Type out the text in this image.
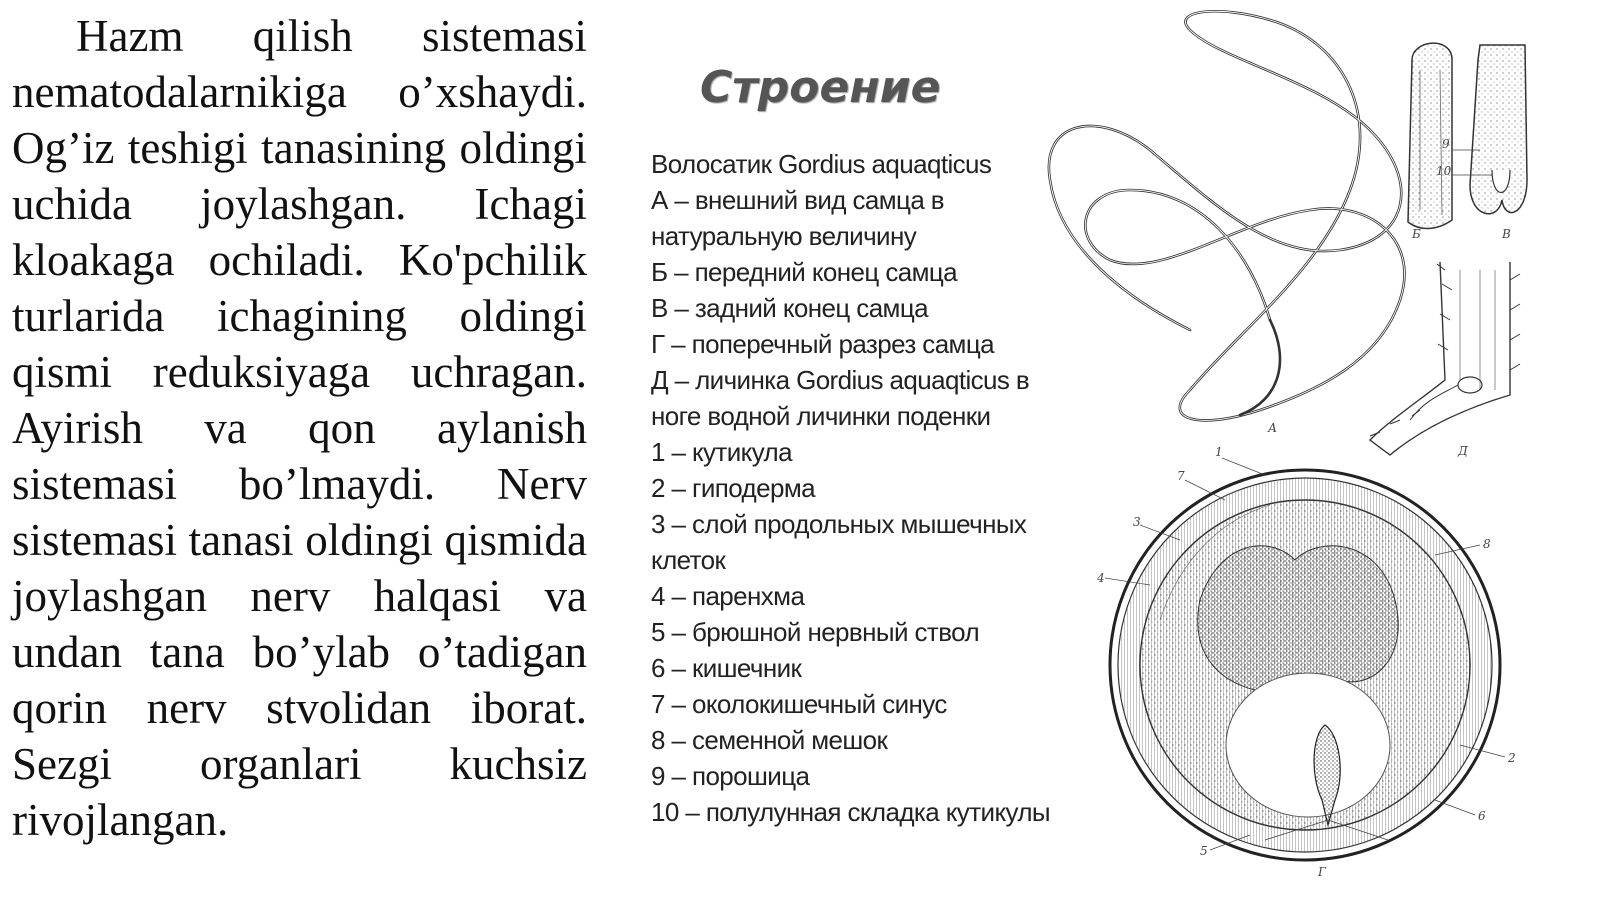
Hazm qilish sistemasi nematodalarnikiga o’xshaydi. Og’iz teshigi tanasining oldingi uchida joylashgan. Ichagi kloakaga ochiladi. Ko'pchilik turlarida ichagining oldingi qismi reduksiyaga uchragan. Ayirish va qon aylanish sistemasi bo’lmaydi. Nerv sistemasi tanasi oldingi qismida joylashgan nerv halqasi va undan tana bo’ylab o’tadigan qorin nerv stvolidan iborat. Sezgi organlari kuchsiz rivojlangan.

Строение
Волосатик Gordius aquaqticus
А – внешний вид самца в
натуральную величину
Б – передний конец самца
В – задний конец самца
Г – поперечный разрез самца
Д – личинка Gordius aquaqticus в
ноге водной личинки поденки
1 – кутикула
2 – гиподерма
3 – слой продольных мышечных
клеток
4 – паренхма
5 – брюшной нервный ствол
6 – кишечник
7 – околокишечный синус
8 – семенной мешок
9 – порошица
10 – полулунная складка кутикулы
А
Б	В
9
10
Д
1
7
3
4
8
2
6
5
Г
